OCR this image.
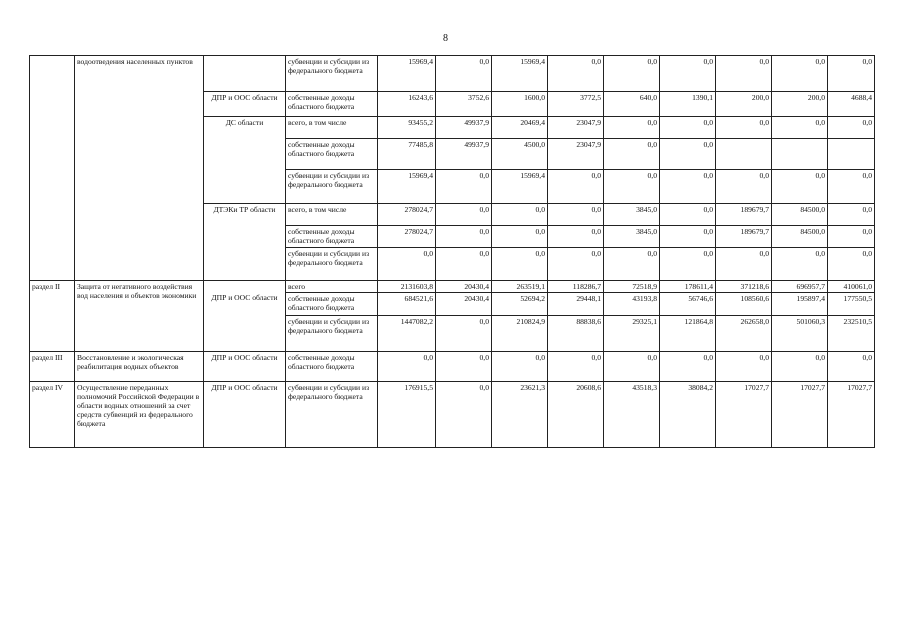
8
	водоотведения населенных пунктов		субвенции и субсидии из федерального бюджета	15969,4	0,0	15969,4	0,0	0,0	0,0	0,0	0,0	0,0
		ДПР и ООС области	собственные доходы областного бюджета	16243,6	3752,6	1600,0	3772,5	640,0	1390,1	200,0	200,0	4688,4
		ДС области	всего, в том числе	93455,2	49937,9	20469,4	23047,9	0,0	0,0	0,0	0,0	0,0
			собственные доходы областного бюджета	77485,8	49937,9	4500,0	23047,9	0,0	0,0			
			субвенции и субсидии из федерального бюджета	15969,4	0,0	15969,4	0,0	0,0	0,0	0,0	0,0	0,0
		ДТЭКи ТР области	всего, в том числе	278024,7	0,0	0,0	0,0	3845,0	0,0	189679,7	84500,0	0,0
			собственные доходы областного бюджета	278024,7	0,0	0,0	0,0	3845,0	0,0	189679,7	84500,0	0,0
			субвенции и субсидии из федерального бюджета	0,0	0,0	0,0	0,0	0,0	0,0	0,0	0,0	0,0
раздел II	Защита от негативного воздействия вод населения и объектов экономики	ДПР и ООС области	всего	2131603,8	20430,4	263519,1	118286,7	72518,9	178611,4	371218,6	696957,7	410061,0
			собственные доходы областного бюджета	684521,6	20430,4	52694,2	29448,1	43193,8	56746,6	108560,6	195897,4	177550,5
			субвенции и субсидии из федерального бюджета	1447082,2	0,0	210824,9	88838,6	29325,1	121864,8	262658,0	501060,3	232510,5
раздел III	Восстановление и экологическая реабилитация водных объектов	ДПР и ООС области	собственные доходы областного бюджета	0,0	0,0	0,0	0,0	0,0	0,0	0,0	0,0	0,0
раздел IV	Осуществление переданных полномочий Российской Федерации в области водных отношений за счет средств субвенций из федерального бюджета	ДПР и ООС области	субвенции и субсидии из федерального бюджета	176915,5	0,0	23621,3	20608,6	43518,3	38084,2	17027,7	17027,7	17027,7
